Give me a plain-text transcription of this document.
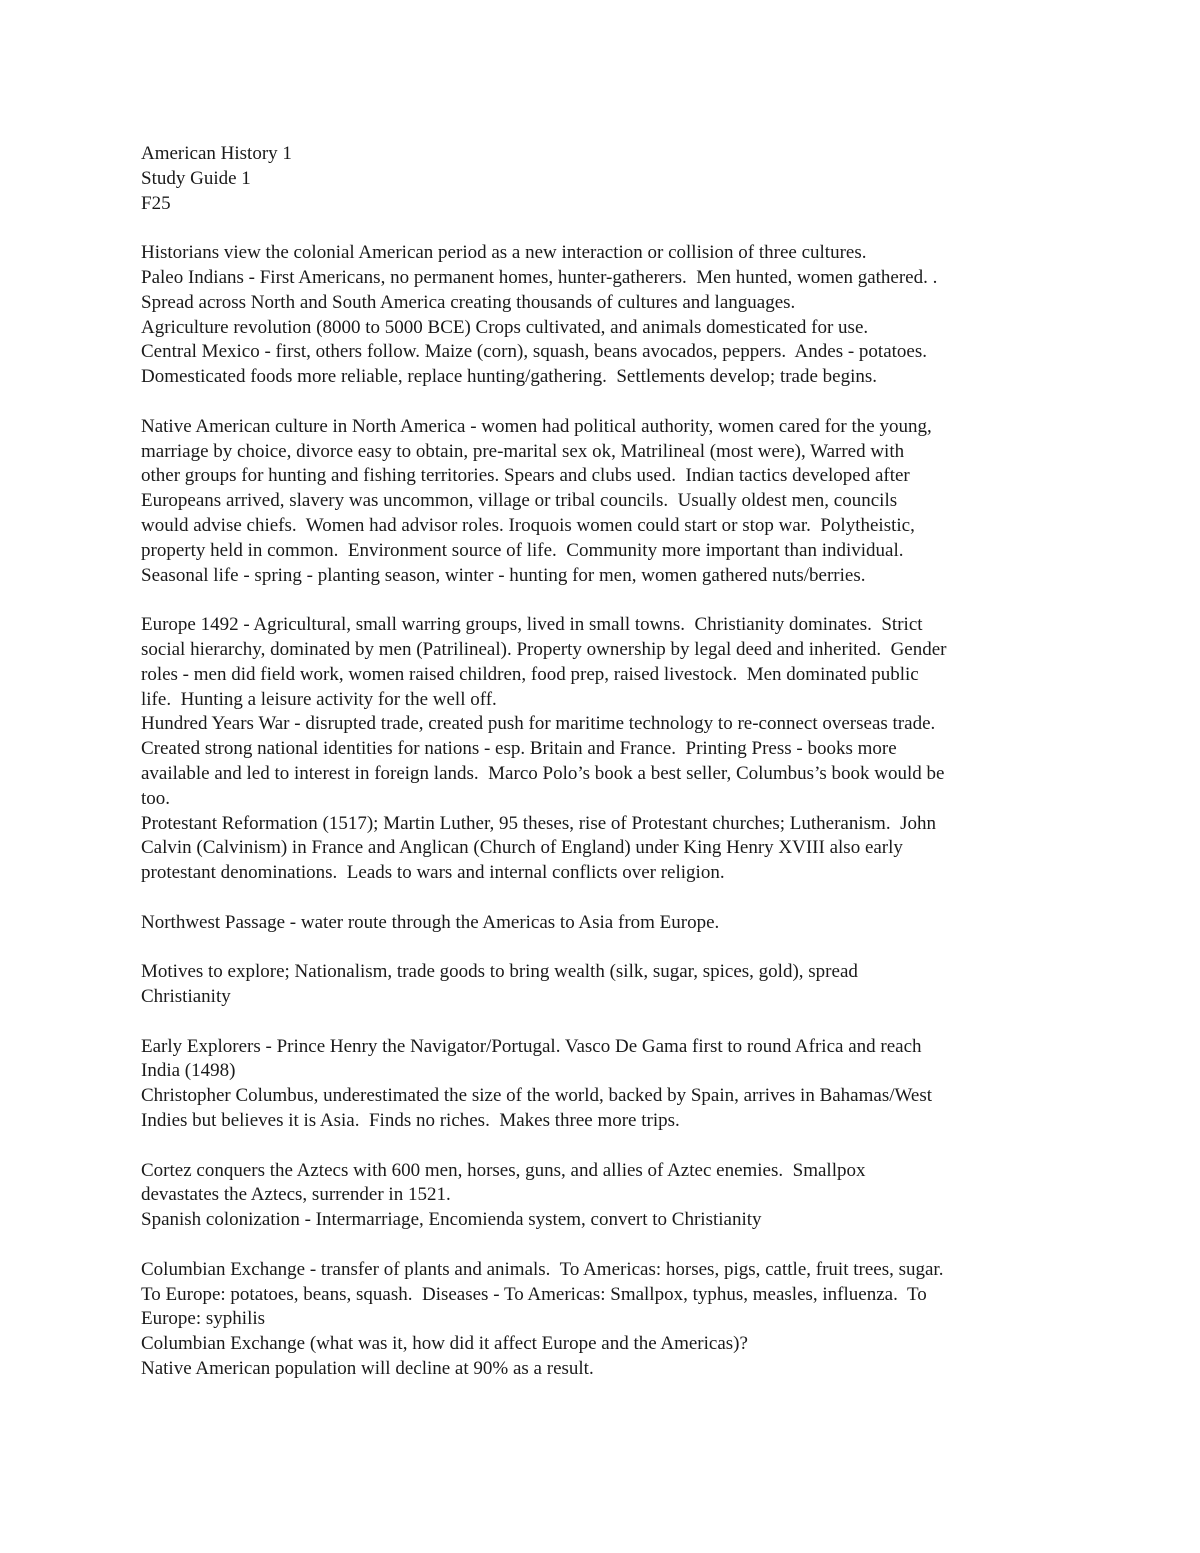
American History 1
Study Guide 1
F25
Historians view the colonial American period as a new interaction or collision of three cultures.
Paleo Indians - First Americans, no permanent homes, hunter-gatherers.  Men hunted, women gathered. .
Spread across North and South America creating thousands of cultures and languages.
Agriculture revolution (8000 to 5000 BCE) Crops cultivated, and animals domesticated for use.
Central Mexico - first, others follow. Maize (corn), squash, beans avocados, peppers.  Andes - potatoes.
Domesticated foods more reliable, replace hunting/gathering.  Settlements develop; trade begins.
Native American culture in North America - women had political authority, women cared for the young,
marriage by choice, divorce easy to obtain, pre-marital sex ok, Matrilineal (most were), Warred with
other groups for hunting and fishing territories. Spears and clubs used.  Indian tactics developed after
Europeans arrived, slavery was uncommon, village or tribal councils.  Usually oldest men, councils
would advise chiefs.  Women had advisor roles. Iroquois women could start or stop war.  Polytheistic,
property held in common.  Environment source of life.  Community more important than individual.
Seasonal life - spring - planting season, winter - hunting for men, women gathered nuts/berries.
Europe 1492 - Agricultural, small warring groups, lived in small towns.  Christianity dominates.  Strict
social hierarchy, dominated by men (Patrilineal). Property ownership by legal deed and inherited.  Gender
roles - men did field work, women raised children, food prep, raised livestock.  Men dominated public
life.  Hunting a leisure activity for the well off.
Hundred Years War - disrupted trade, created push for maritime technology to re-connect overseas trade.
Created strong national identities for nations - esp. Britain and France.  Printing Press - books more
available and led to interest in foreign lands.  Marco Polo’s book a best seller, Columbus’s book would be
too.
Protestant Reformation (1517); Martin Luther, 95 theses, rise of Protestant churches; Lutheranism.  John
Calvin (Calvinism) in France and Anglican (Church of England) under King Henry XVIII also early
protestant denominations.  Leads to wars and internal conflicts over religion.
Northwest Passage - water route through the Americas to Asia from Europe.
Motives to explore; Nationalism, trade goods to bring wealth (silk, sugar, spices, gold), spread
Christianity
Early Explorers - Prince Henry the Navigator/Portugal. Vasco De Gama first to round Africa and reach
India (1498)
Christopher Columbus, underestimated the size of the world, backed by Spain, arrives in Bahamas/West
Indies but believes it is Asia.  Finds no riches.  Makes three more trips.
Cortez conquers the Aztecs with 600 men, horses, guns, and allies of Aztec enemies.  Smallpox
devastates the Aztecs, surrender in 1521.
Spanish colonization - Intermarriage, Encomienda system, convert to Christianity
Columbian Exchange - transfer of plants and animals.  To Americas: horses, pigs, cattle, fruit trees, sugar.
To Europe: potatoes, beans, squash.  Diseases - To Americas: Smallpox, typhus, measles, influenza.  To
Europe: syphilis
Columbian Exchange (what was it, how did it affect Europe and the Americas)?
Native American population will decline at 90% as a result.
